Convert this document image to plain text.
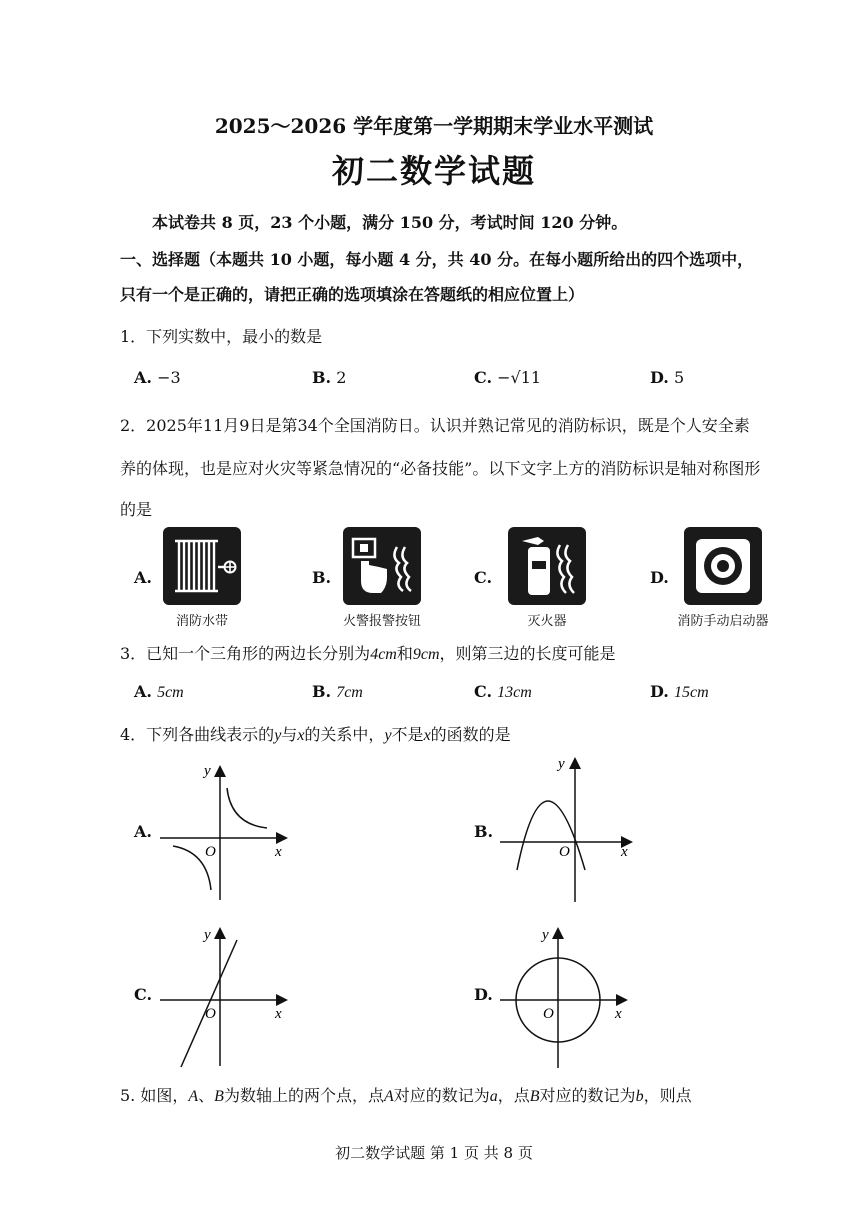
2025～2026 学年度第一学期期末学业水平测试
初二数学试题
本试卷共 8 页，23 个小题，满分 150 分，考试时间 120 分钟。
一、选择题（本题共 10 小题，每小题 4 分，共 40 分。在每小题所给出的四个选项中，
只有一个是正确的，请把正确的选项填涂在答题纸的相应位置上）
1．下列实数中，最小的数是
A. −3	B. 2	C. −√11	D. 5
2．2025年11月9日是第34个全国消防日。认识并熟记常见的消防标识，既是个人安全素
养的体现，也是应对火灾等紧急情况的“必备技能”。以下文字上方的消防标识是轴对称图形
的是
A.
消防水带
B.
火警报警按钮
C.
灭火器
D.
消防手动启动器
3．已知一个三角形的两边长分别为4cm和9cm，则第三边的长度可能是
A. 5cm	B. 7cm	C. 13cm	D. 15cm
4．下列各曲线表示的y与x的关系中，y不是x的函数的是
A.
y
x
O
B.
y
x
O
C.
y
x
O
D.
y
x
O
5. 如图，A、B为数轴上的两个点，点A对应的数记为a，点B对应的数记为b，则点
初二数学试题 第 1 页 共 8 页
